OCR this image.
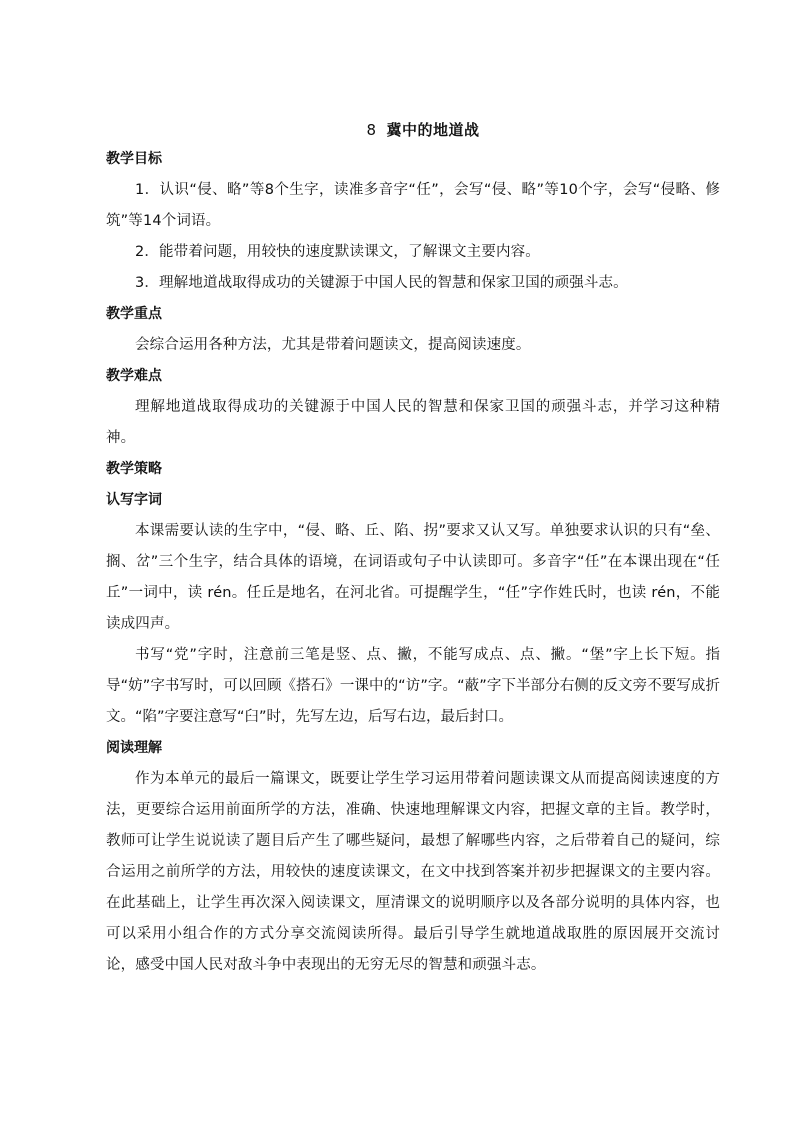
8 冀中的地道战
教学目标

1．认识“侵、略”等8个生字，读准多音字“任”，会写“侵、略”等10个字，会写“侵略、修筑”等14个词语。

2．能带着问题，用较快的速度默读课文，了解课文主要内容。

3．理解地道战取得成功的关键源于中国人民的智慧和保家卫国的顽强斗志。

教学重点

会综合运用各种方法，尤其是带着问题读文，提高阅读速度。

教学难点

理解地道战取得成功的关键源于中国人民的智慧和保家卫国的顽强斗志，并学习这种精神。

教学策略
认写字词

本课需要认读的生字中，“侵、略、丘、陷、拐”要求又认又写。单独要求认识的只有“垒、搁、岔”三个生字，结合具体的语境，在词语或句子中认读即可。多音字“任”在本课出现在“任丘”一词中，读 rén。任丘是地名，在河北省。可提醒学生，“任”字作姓氏时，也读 rén，不能读成四声。

书写“党”字时，注意前三笔是竖、点、撇，不能写成点、点、撇。“堡”字上长下短。指导“妨”字书写时，可以回顾《搭石》一课中的“访”字。“蔽”字下半部分右侧的反文旁不要写成折文。“陷”字要注意写“臼”时，先写左边，后写右边，最后封口。

阅读理解

作为本单元的最后一篇课文，既要让学生学习运用带着问题读课文从而提高阅读速度的方法，更要综合运用前面所学的方法，准确、快速地理解课文内容，把握文章的主旨。教学时，教师可让学生说说读了题目后产生了哪些疑问，最想了解哪些内容，之后带着自己的疑问，综合运用之前所学的方法，用较快的速度读课文，在文中找到答案并初步把握课文的主要内容。在此基础上，让学生再次深入阅读课文，厘清课文的说明顺序以及各部分说明的具体内容，也可以采用小组合作的方式分享交流阅读所得。最后引导学生就地道战取胜的原因展开交流讨论，感受中国人民对敌斗争中表现出的无穷无尽的智慧和顽强斗志。
